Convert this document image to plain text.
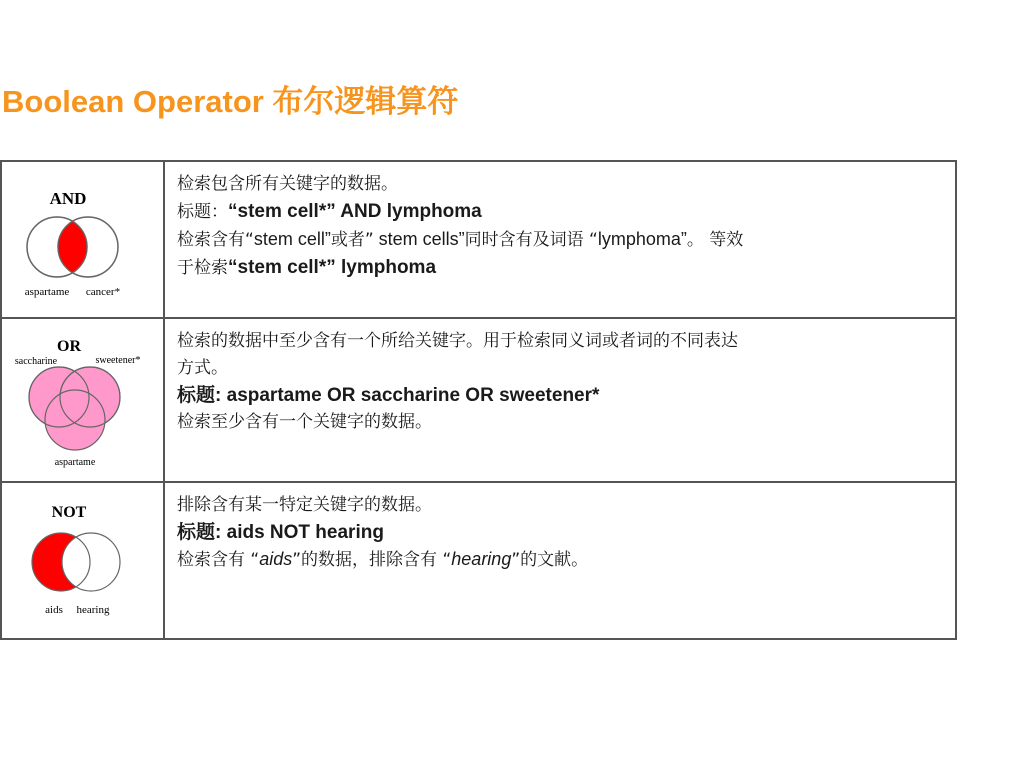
Boolean Operator 布尔逻辑算符
AND
aspartame cancer*	检索包含所有关键字的数据。
标题：“stem cell*” AND lymphoma
检索含有“stem cell”或者” stem cells”同时含有及词语 “lymphoma”。 等效
于检索“stem cell*” lymphoma

OR
saccharine sweetener*
aspartame	检索的数据中至少含有一个所给关键字。用于检索同义词或者词的不同表达
方式。
标题: aspartame OR saccharine OR sweetener*
检索至少含有一个关键字的数据。

NOT
aids hearing	排除含有某一特定关键字的数据。
标题: aids NOT hearing
检索含有 “aids”的数据，排除含有 “hearing”的文献。
